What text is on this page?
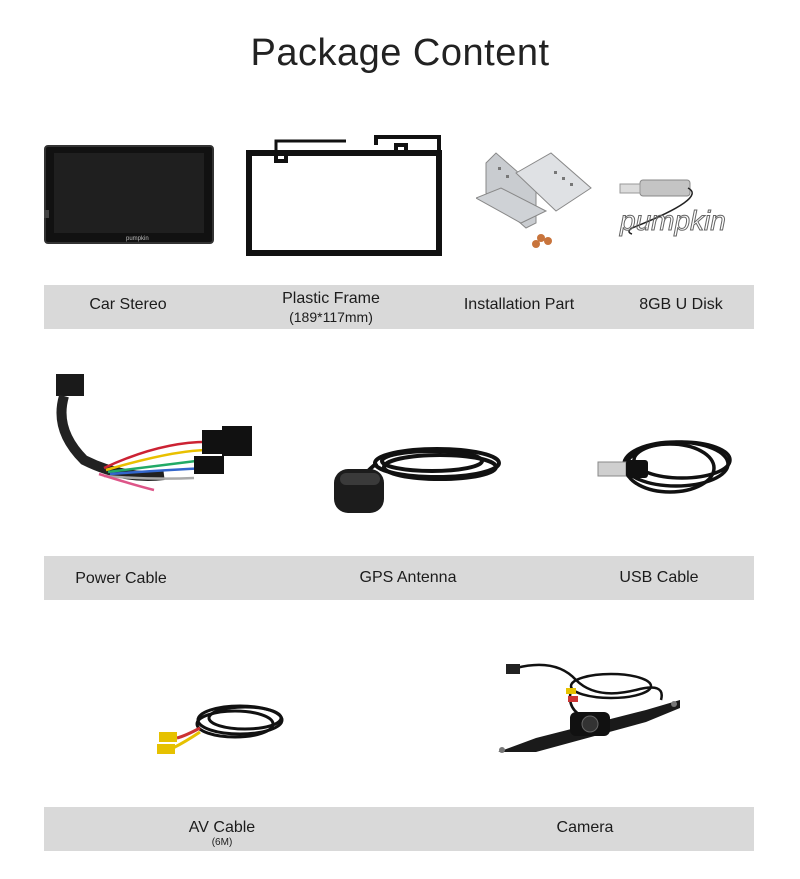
Package Content
pumpkin
pumpkin
Car Stereo	Plastic Frame
(189*117mm)
Installation Part	8GB U Disk
Power Cable	GPS Antenna	USB Cable
AV Cable
(6M)
Camera
